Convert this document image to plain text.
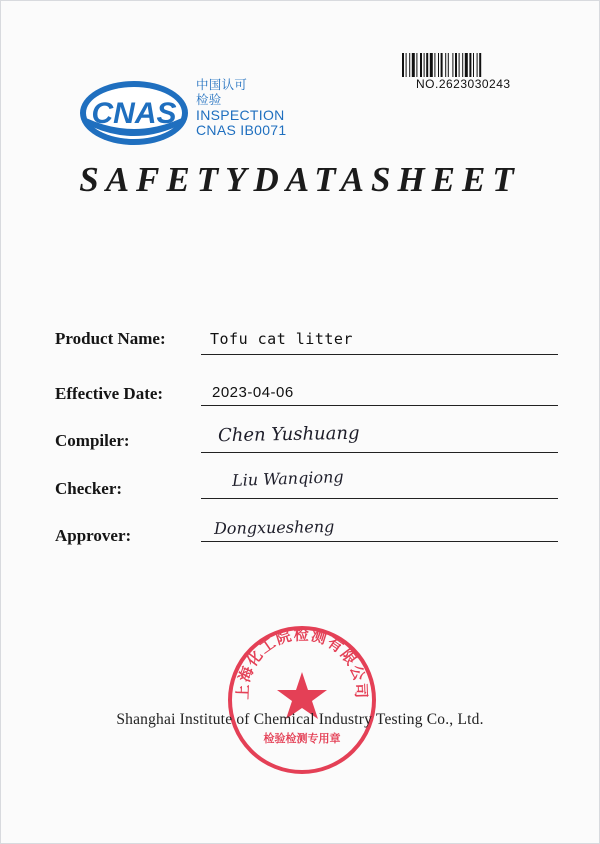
CNAS
中国认可
检验
INSPECTION
CNAS IB0071
NO.2623030243
SAFETYDATASHEET
Product Name:	Tofu cat litter
Effective Date:	2023-04-06
Compiler:	Chen Yushuang
Checker:	Liu Wanqiong
Approver:	Dongxuesheng
上海化工院检测有限公司
检验检测专用章
Shanghai Institute of Chemical Industry Testing Co., Ltd.
